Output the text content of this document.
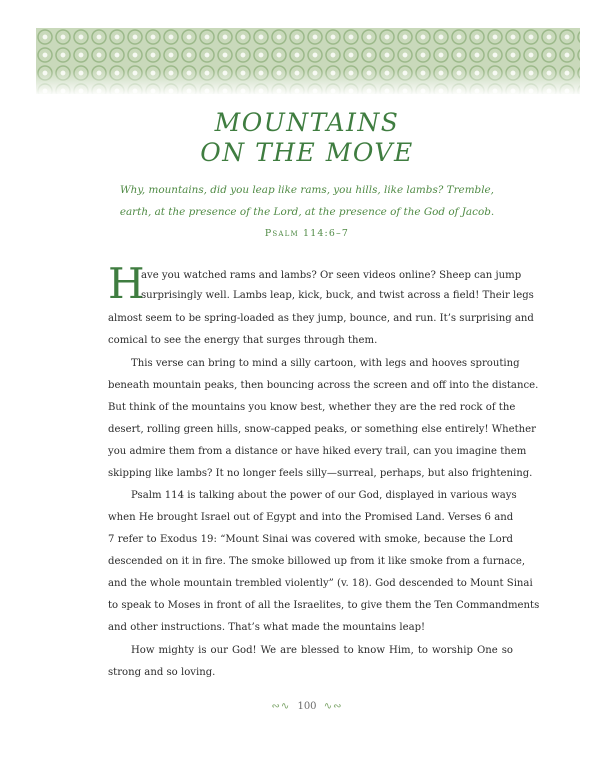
MOUNTAINS
ON THE MOVE
Why, mountains, did you leap like rams, you hills, like lambs? Tremble,
earth, at the presence of the Lord, at the presence of the God of Jacob.
Psalm 114:6–7
H
ave you watched rams and lambs? Or seen videos online? Sheep can jump
surprisingly well. Lambs leap, kick, buck, and twist across a field! Their legs
almost seem to be spring-loaded as they jump, bounce, and run. It’s surprising and
comical to see the energy that surges through them.
This verse can bring to mind a silly cartoon, with legs and hooves sprouting
beneath mountain peaks, then bouncing across the screen and off into the distance.
But think of the mountains you know best, whether they are the red rock of the
desert, rolling green hills, snow-capped peaks, or something else entirely! Whether
you admire them from a distance or have hiked every trail, can you imagine them
skipping like lambs? It no longer feels silly—surreal, perhaps, but also frightening.
Psalm 114 is talking about the power of our God, displayed in various ways
when He brought Israel out of Egypt and into the Promised Land. Verses 6 and
7 refer to Exodus 19: “Mount Sinai was covered with smoke, because the Lord
descended on it in fire. The smoke billowed up from it like smoke from a furnace,
and the whole mountain trembled violently” (v. 18). God descended to Mount Sinai
to speak to Moses in front of all the Israelites, to give them the Ten Commandments
and other instructions. That’s what made the mountains leap!
How mighty is our God! We are blessed to know Him, to worship One so
strong and so loving.
∾∿ 100 ∿∾
